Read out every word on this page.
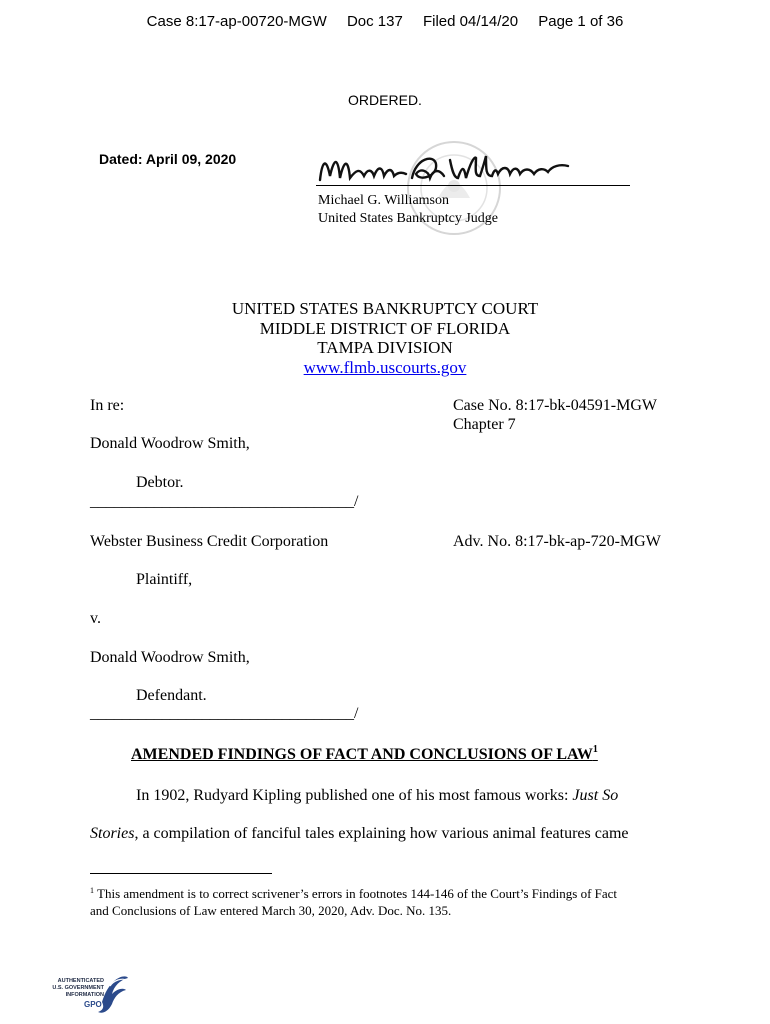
Case 8:17-ap-00720-MGW Doc 137 Filed 04/14/20 Page 1 of 36
ORDERED.
Dated: April 09, 2020
Michael G. Williamson
United States Bankruptcy Judge
UNITED STATES BANKRUPTCY COURT
MIDDLE DISTRICT OF FLORIDA
TAMPA DIVISION
www.flmb.uscourts.gov
In re:	Case No. 8:17-bk-04591-MGW
Chapter 7
Donald Woodrow Smith,
Debtor.
_________________________________/
Webster Business Credit Corporation	Adv. No. 8:17-bk-ap-720-MGW
Plaintiff,
v.
Donald Woodrow Smith,
Defendant.
_________________________________/
AMENDED FINDINGS OF FACT AND CONCLUSIONS OF LAW$^1$
In 1902, Rudyard Kipling published one of his most famous works: Just So
Stories, a compilation of fanciful tales explaining how various animal features came
$^1$ This amendment is to correct scrivener’s errors in footnotes 144-146 of the Court’s Findings of Fact
and Conclusions of Law entered March 30, 2020, Adv. Doc. No. 135.
AUTHENTICATED
U.S. GOVERNMENT
INFORMATION
GPO
